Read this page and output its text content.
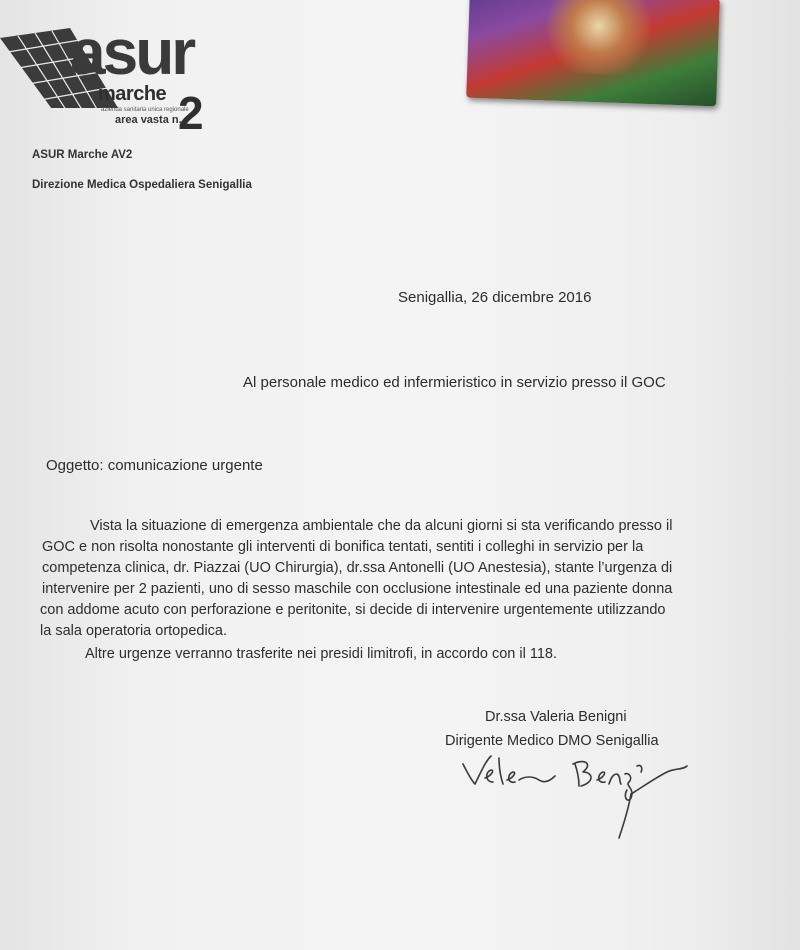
asur
marche
azienda sanitaria unica regionale
area vasta n.
2
ASUR Marche AV2
Direzione Medica Ospedaliera Senigallia
Senigallia, 26 dicembre 2016
Al personale medico ed infermieristico in servizio presso il GOC
Oggetto: comunicazione urgente
Vista la situazione di emergenza ambientale che da alcuni giorni si sta verificando presso il
GOC e non risolta nonostante gli interventi di bonifica tentati, sentiti i colleghi in servizio per la
competenza clinica, dr. Piazzai (UO Chirurgia), dr.ssa Antonelli (UO Anestesia), stante l’urgenza di
intervenire per 2 pazienti, uno di sesso maschile con occlusione intestinale ed una paziente donna
con addome acuto con perforazione e peritonite, si decide di intervenire urgentemente utilizzando
la sala operatoria ortopedica.
Altre urgenze verranno trasferite nei presidi limitrofi, in accordo con il 118.
Dr.ssa Valeria Benigni
Dirigente Medico DMO Senigallia
